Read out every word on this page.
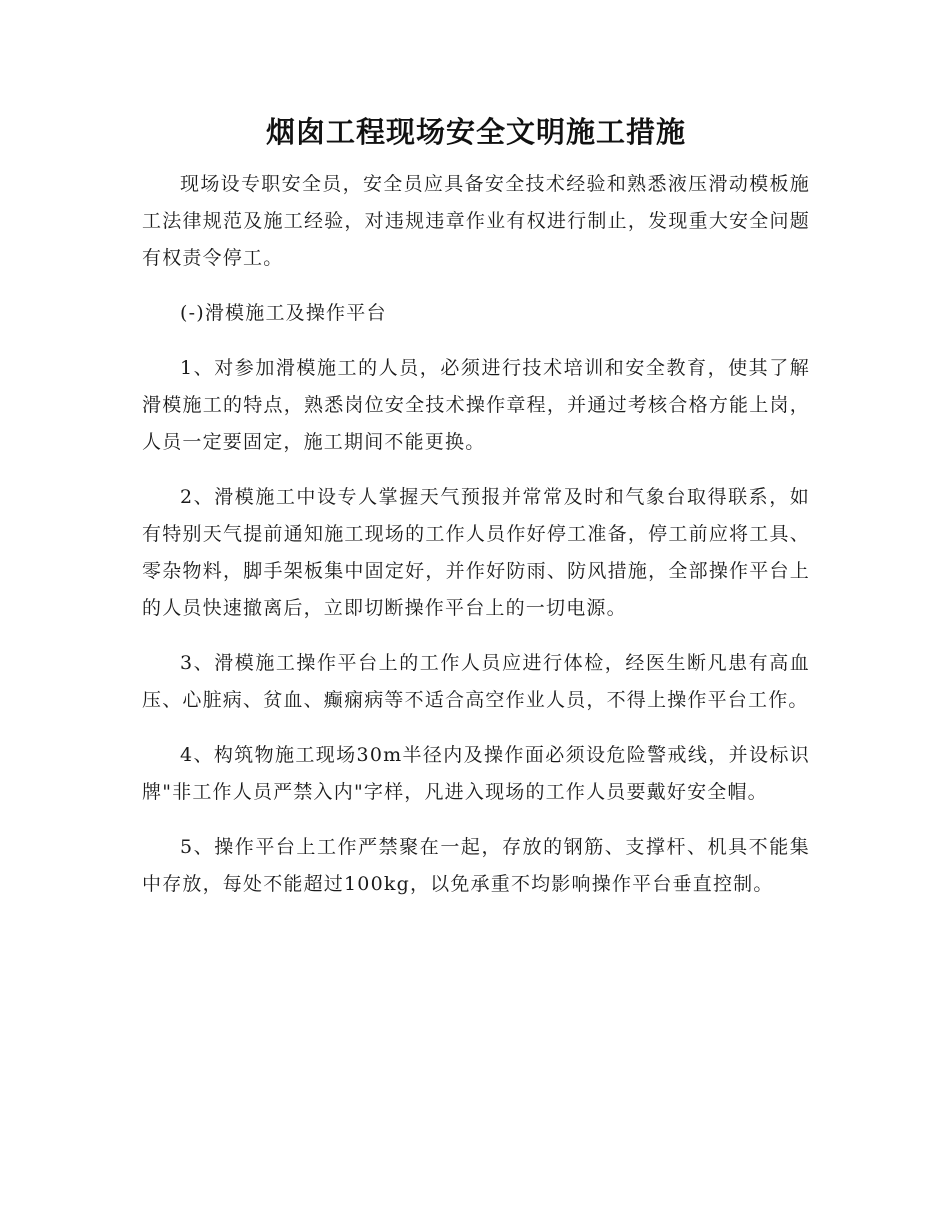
烟囱工程现场安全文明施工措施

现场设专职安全员，安全员应具备安全技术经验和熟悉液压滑动模板施工法律规范及施工经验，对违规违章作业有权进行制止，发现重大安全问题有权责令停工。

(-)滑模施工及操作平台

1、对参加滑模施工的人员，必须进行技术培训和安全教育，使其了解滑模施工的特点，熟悉岗位安全技术操作章程，并通过考核合格方能上岗，人员一定要固定，施工期间不能更换。

2、滑模施工中设专人掌握天气预报并常常及时和气象台取得联系，如有特别天气提前通知施工现场的工作人员作好停工准备，停工前应将工具、零杂物料，脚手架板集中固定好，并作好防雨、防风措施，全部操作平台上的人员快速撤离后，立即切断操作平台上的一切电源。

3、滑模施工操作平台上的工作人员应进行体检，经医生断凡患有高血压、心脏病、贫血、癫痫病等不适合高空作业人员，不得上操作平台工作。

4、构筑物施工现场30m半径内及操作面必须设危险警戒线，并设标识牌"非工作人员严禁入内"字样，凡进入现场的工作人员要戴好安全帽。

5、操作平台上工作严禁聚在一起，存放的钢筋、支撑杆、机具不能集中存放，每处不能超过100kg，以免承重不均影响操作平台垂直控制。
